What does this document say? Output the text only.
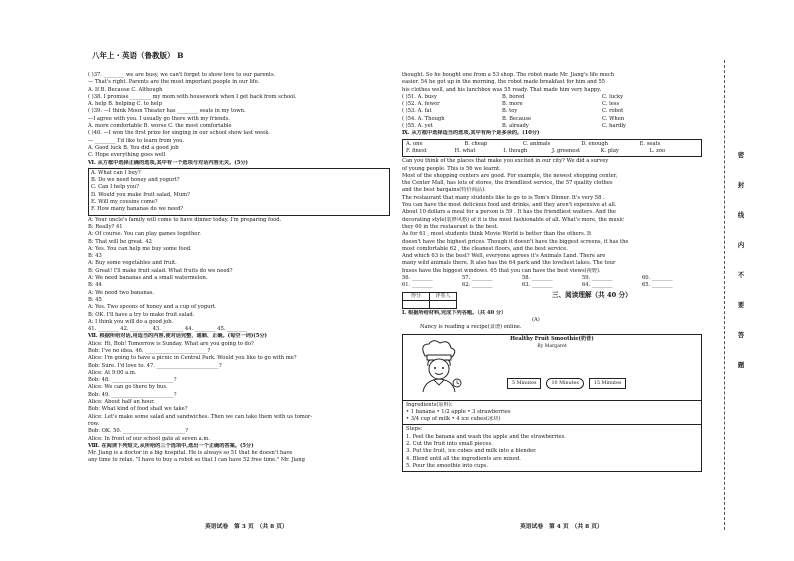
八年上・英语（鲁教版） B
( )37. ________ we are busy, we can't forget to show love to our parents.
— That's right. Parents are the most important people in our life.
A. If B. Because C. Although
( )38. I promise ________ my mom with housework when I get back from school.
A. help B. helping C. to help
( )39. —I think Moon Theater has ________ seats in my town.
—I agree with you. I usually go there with my friends.
A. more comfortable B. worse C. the most comfortable
( )40. —I won the first prize for singing in our school show last week.
— ________ I'd like to learn from you.
A. Good luck B. You did a good job
C. Hope everything goes well
Ⅵ. 从方框中选择正确的选项,其中有一个选项与对话内容无关。(5分)
A. What can I buy?
B. Do we need honey and yogurt?
C. Can I help you?
D. Would you make fruit salad, Mum?
E. Will my cousins come?
F. How many bananas do we need?
A: Your uncle's family will come to have dinner today. I'm preparing food.
B: Really? 41
A: Of course. You can play games together.
B: That will be great. 42
A: Yes. You can help me buy some food.
B: 43
A: Buy some vegetables and fruit.
B: Great! I'll make fruit salad. What fruits do we need?
A: We need bananas and a small watermelon.
B: 44
A: We need two bananas.
B: 45
A: Yes. Two spoons of honey and a cup of yogurt.
B: OK. I'll have a try to make fruit salad.
A: I think you will do a good job.
41. ________ 42. ________ 43. ________ 44. ________ 45. ________
Ⅶ. 根据所给对话,用适当的内容,使对话完整、通顺、正确。(每空一词)(5分)
Alice: Hi, Bob! Tomorrow is Sunday. What are you going to do?
Bob: I've no idea. 46. ________________________?
Alice: I'm going to have a picnic in Central Park. Would you like to go with me?
Bob: Sure. I'd love to. 47. ________________________?
Alice: At 9:00 a.m.
Bob: 48. ________________________?
Alice: We can go there by bus.
Bob: 49. ________________________?
Alice: About half an hour.
Bob: What kind of food shall we take?
Alice: Let's make some salad and sandwiches. Then we can take them with us tomor-
row.
Bob: OK. 50. ________________________?
Alice: In front of our school gate at seven a.m.
Ⅷ. 在阅读下列短文,从所给的三个选项中,选出一个正确的答案。(5分)
Mr. Jiang is a doctor in a big hospital. He is always so 51 that he doesn't have
any time to relax. "I have to buy a robot so that I can have 52 free time." Mr. Jiang
thought. So he bought one from a 53 shop. The robot made Mr. Jiang's life much
easier. 54 he got up in the morning, the robot made breakfast for him and 55
his clothes well, and his lunchbox was 55 ready. That made him very happy.
( )51. A. busy	B. bored	C. lucky
( )52. A. fewer	B. more	C. less
( )53. A. fat	B. toy	C. robot
( )54. A. Though	B. Because	C. When
( )55. A. yet	B. already	C. hardly
Ⅸ. 从方框中选择适当的选项,其中有两个是多余的。(10分)
A. one	B. cheap	C. animals	D. enough	E. seats
F. finest	H. what	I. though	J. greenest	K. play	L. zoo
Can you think of the places that make you excited in our city? We did a survey
of young people. This is 56 we learnt.
Most of the shopping centers are good. For example, the newest shopping center,
the Center Mall, has lots of stores, the friendliest service, the 57 quality clothes
and the best bargains(特价商品).
The restaurant that many students like to go to is Tom's Dinner. It's very 58 .
You can have the most delicious food and drinks, and they aren't expensive at all.
About 10 dollars a meal for a person is 59 . It has the friendliest waiters. And the
decorating style(装修风格) of it is the most fashionable of all. What's more, the music
they 60 in the restaurant is the best.
As for 61 , most students think Movie World is better than the others. It
doesn't have the highest prices. Though it doesn't have the biggest screens, it has the
most comfortable 62 , the cleanest floors, and the best service.
And which 63 is the best? Well, everyone agrees it's Animals Land. There are
many wild animals there. It also has the 64 park and the loveliest lakes. The tour
buses have the biggest windows. 65 that you can have the best views(视野).
56. ________	57. ________	58. ________	59. ________	60. ________
61. ________	62. ________	63. ________	64. ________	65. ________
得分	评卷人
		三、阅读理解（共 40 分）
Ⅰ. 根据所给材料,完成下列各题。（共 40 分）
(A)
Nancy is reading a recipe(食谱) online.
Healthy Fruit Smoothie(奶昔)
By Margaret
5 Minutes	10 Minutes	15 Minutes
Ingredients(原料):
• 1 banana • 1/2 apple • 3 strawberries
• 3/4 cup of milk • 4 ice cubes(冰块)
Steps:
1. Peel the banana and wash the apple and the strawberries.
2. Cut the fruit into small pieces.
3. Put the fruit, ice cubes and milk into a blender.
4. Blend until all the ingredients are mixed.
5. Pour the smoothie into cups.
英语试卷　第 3 页　（共 8 页）	英语试卷　第 4 页　（共 8 页）
密
封
线
内
不
要
答
题
